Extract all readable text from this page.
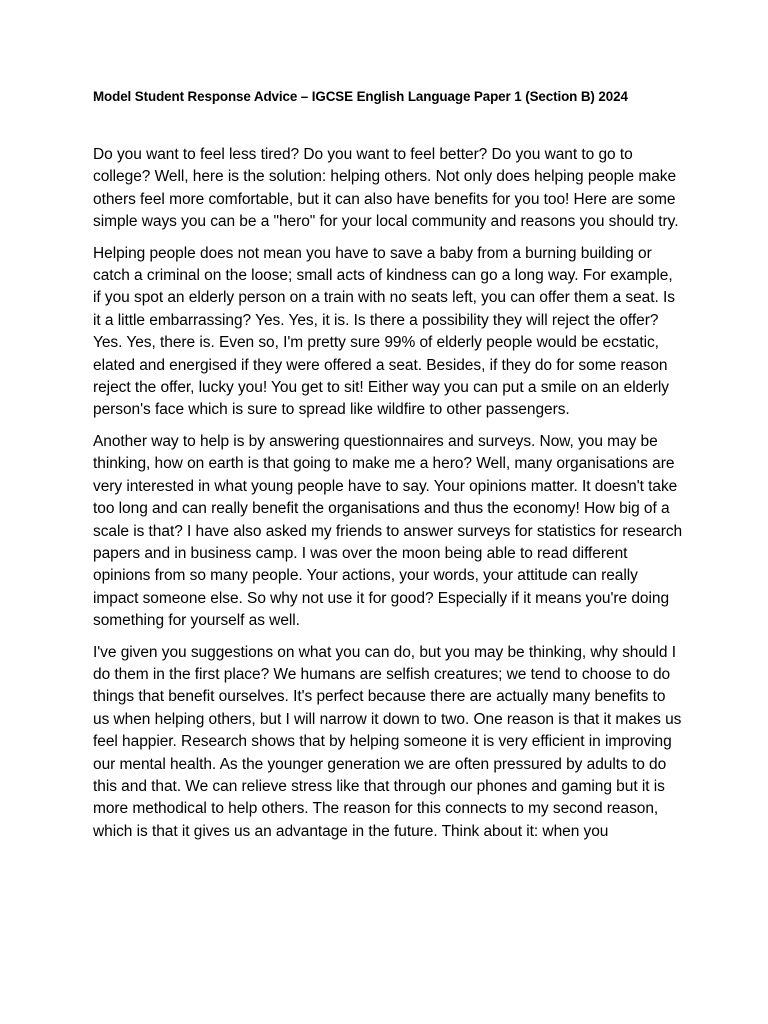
Model Student Response Advice – IGCSE English Language Paper 1 (Section B) 2024

Do you want to feel less tired? Do you want to feel better? Do you want to go to college? Well, here is the solution: helping others. Not only does helping people make others feel more comfortable, but it can also have benefits for you too! Here are some simple ways you can be a "hero" for your local community and reasons you should try.

Helping people does not mean you have to save a baby from a burning building or catch a criminal on the loose; small acts of kindness can go a long way. For example, if you spot an elderly person on a train with no seats left, you can offer them a seat. Is it a little embarrassing? Yes. Yes, it is. Is there a possibility they will reject the offer? Yes. Yes, there is. Even so, I'm pretty sure 99% of elderly people would be ecstatic, elated and energised if they were offered a seat. Besides, if they do for some reason reject the offer, lucky you! You get to sit! Either way you can put a smile on an elderly person's face which is sure to spread like wildfire to other passengers.

Another way to help is by answering questionnaires and surveys. Now, you may be thinking, how on earth is that going to make me a hero? Well, many organisations are very interested in what young people have to say. Your opinions matter. It doesn't take too long and can really benefit the organisations and thus the economy! How big of a scale is that? I have also asked my friends to answer surveys for statistics for research papers and in business camp. I was over the moon being able to read different opinions from so many people. Your actions, your words, your attitude can really impact someone else. So why not use it for good? Especially if it means you're doing something for yourself as well.

I've given you suggestions on what you can do, but you may be thinking, why should I do them in the first place? We humans are selfish creatures; we tend to choose to do things that benefit ourselves. It's perfect because there are actually many benefits to us when helping others, but I will narrow it down to two. One reason is that it makes us feel happier. Research shows that by helping someone it is very efficient in improving our mental health. As the younger generation we are often pressured by adults to do this and that. We can relieve stress like that through our phones and gaming but it is more methodical to help others. The reason for this connects to my second reason, which is that it gives us an advantage in the future. Think about it: when you
